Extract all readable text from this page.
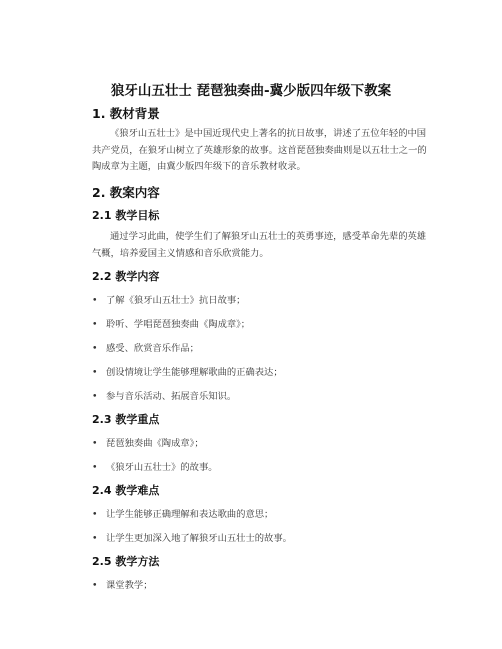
狼牙山五壮士 琵琶独奏曲-冀少版四年级下教案
1. 教材背景
《狼牙山五壮士》是中国近现代史上著名的抗日故事，讲述了五位年轻的中国
共产党员，在狼牙山树立了英雄形象的故事。这首琵琶独奏曲则是以五壮士之一的
陶成章为主题，由冀少版四年级下的音乐教材收录。
2. 教案内容
2.1 教学目标
通过学习此曲，使学生们了解狼牙山五壮士的英勇事迹，感受革命先辈的英雄
气概，培养爱国主义情感和音乐欣赏能力。
2.2 教学内容
• 了解《狼牙山五壮士》抗日故事；
• 聆听、学唱琵琶独奏曲《陶成章》；
• 感受、欣赏音乐作品；
• 创设情境让学生能够理解歌曲的正确表达；
• 参与音乐活动、拓展音乐知识。
2.3 教学重点
• 琵琶独奏曲《陶成章》；
• 《狼牙山五壮士》的故事。
2.4 教学难点
• 让学生能够正确理解和表达歌曲的意思；
• 让学生更加深入地了解狼牙山五壮士的故事。
2.5 教学方法
• 课堂教学；
